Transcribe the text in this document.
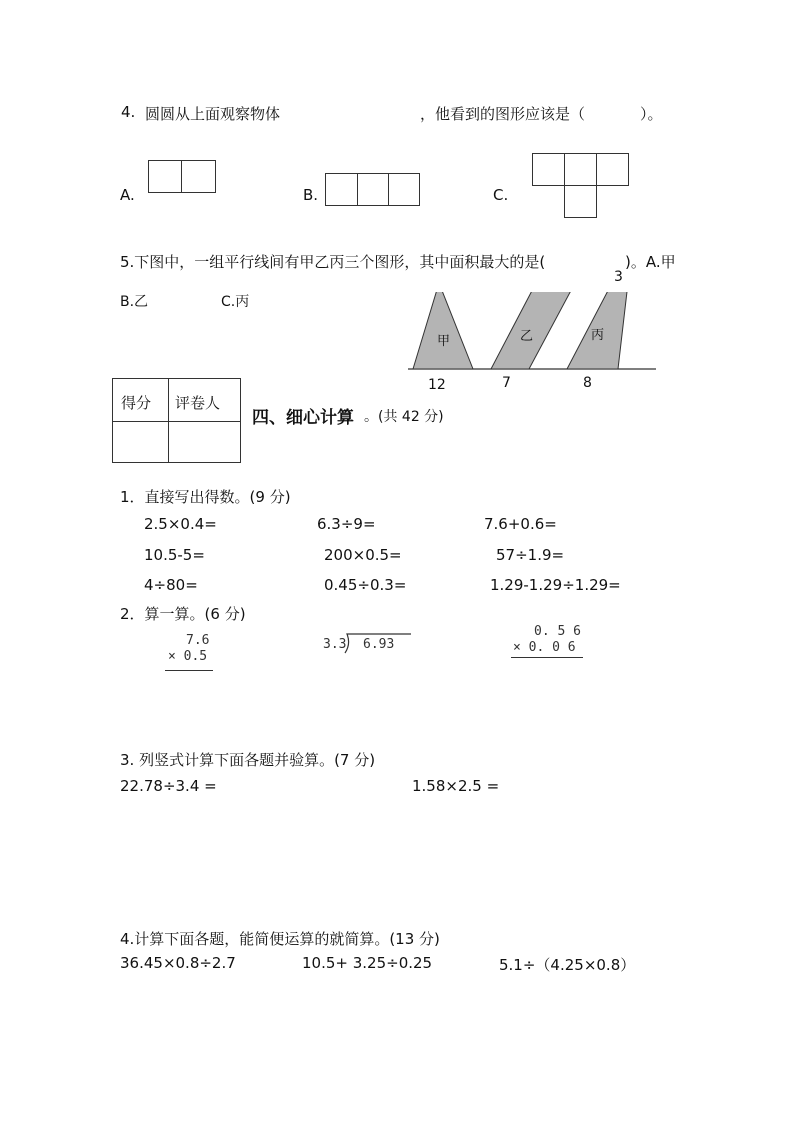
4. 圆圆从上面观察物体	，他看到的图形应该是（	）。
A.	B.	C.
5.下图中，一组平行线间有甲乙丙三个图形，其中面积最大的是(	)。A.甲
B.乙	C.丙
甲	乙	丙
3
12	7	8
得分 评卷人
四、细心计算 。(共 42 分)
1．直接写出得数。(9 分)
2.5×0.4=	6.3÷9=	7.6+0.6=
10.5-5=	200×0.5=	57÷1.9=
4÷80=	0.45÷0.3=	1.29-1.29÷1.29=
2．算一算。(6 分)
7.6
× 0.5
3.3 6.93
0. 5 6
× 0. 0 6
3. 列竖式计算下面各题并验算。(7 分)
22.78÷3.4 =	1.58×2.5 =
4.计算下面各题，能简便运算的就简算。(13 分)
36.45×0.8÷2.7	10.5+ 3.25÷0.25	5.1÷（4.25×0.8）
